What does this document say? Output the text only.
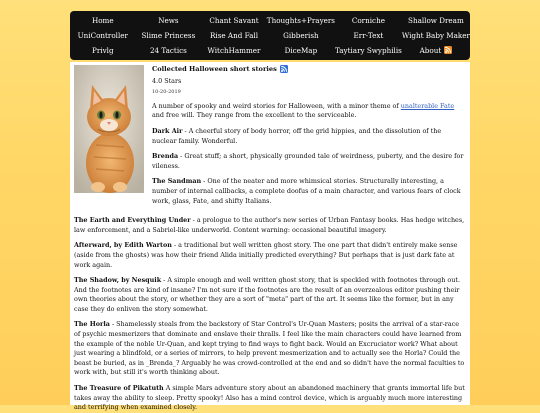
Home	News	Chant Savant	Thoughts+Prayers	Corniche	Shallow Dream
UniController	Slime Princess	Rise And Fall	Gibberish	Err-Text	Wight Baby Maker
Privlg	24 Tactics	WitchHammer	DiceMap	Taytiary Swyphilis	About
Collected Halloween short stories
4.0 Stars
10-20-2019

A number of spooky and weird stories for Halloween, with a minor theme of unalterable Fate and free will. They range from the excellent to the serviceable.

Dark Air - A cheerful story of body horror, off the grid hippies, and the dissolution of the nuclear family. Wonderful.

Brenda - Great stuff; a short, physically grounded tale of weirdness, puberty, and the desire for vileness.

The Sandman - One of the neater and more whimsical stories. Structurally interesting, a number of internal callbacks, a complete doofus of a main character, and various fears of clock work, glass, Fate, and shifty Italians.

The Earth and Everything Under - a prologue to the author's new series of Urban Fantasy books. Has hedge witches, law enforcement, and a Sabriel-like underworld. Content warning: occasional beautiful imagery.

Afterward, by Edith Warton - a traditional but well written ghost story. The one part that didn't entirely make sense (aside from the ghosts) was how their friend Alida initially predicted everything? But perhaps that is just dark fate at work again.

The Shadow, by Nesquik - A simple enough and well written ghost story, that is speckled with footnotes through out. And the footnotes are kind of insane? I'm not sure if the footnotes are the result of an overzealous editor pushing their own theories about the story, or whether they are a sort of "meta" part of the art. It seems like the former, but in any case they do enliven the story somewhat.

The Horla - Shamelessly steals from the backstory of Star Control's Ur-Quan Masters; posits the arrival of a star-race of psychic mesmerizers that dominate and enslave their thralls. I feel like the main characters could have learned from the example of the noble Ur-Quan, and kept trying to find ways to fight back. Would an Excruciator work? What about just wearing a blindfold, or a series of mirrors, to help prevent mesmerization and to actually see the Horla? Could the beast be buried, as in _Brenda_? Arguably he was crowd-controlled at the end and so didn't have the normal faculties to work with, but still it's worth thinking about.

The Treasure of Pikatuth A simple Mars adventure story about an abandoned machinery that grants immortal life but takes away the ability to sleep. Pretty spooky! Also has a mind control device, which is arguably much more interesting and terrifying when examined closely.
